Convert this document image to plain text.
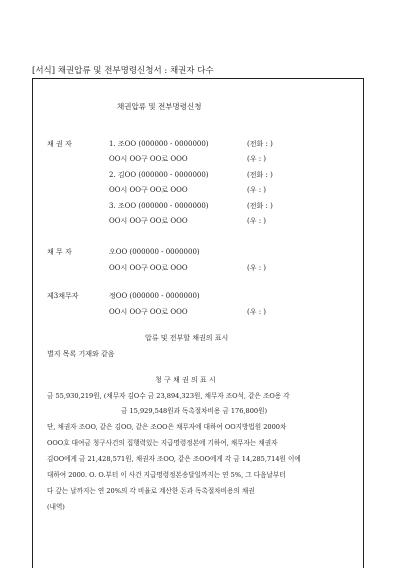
[서식] 채권압류 및 전부명령신청서 : 채권자 다수
채권압류 및 전부명령신청
채 권 자	1. 조OO (000000 - 0000000)	(전화 : )
OO시 OO구 OO로 OOO	(우 : )
2. 김OO (000000 - 0000000)	(전화 : )
OO시 OO구 OO로 OOO	(우 : )
3. 조OO (000000 - 0000000)	(전화 : )
OO시 OO구 OO로 OOO	(우 : )
채 무 자	오OO (000000 - 0000000)
OO시 OO구 OO로 OOO	(우 : )
제3채무자	정OO (000000 - 0000000)
OO시 OO구 OO로 OOO	(우 : )
압류 및 전부할 채권의 표시
별지 목록 기재와 같음
청 구 채 권 의 표 시
금 55,930,219원, (채무자 김O수 금 23,894,323원, 채무자 조O석, 같은 조O용 각
금 15,929,548원과 독촉절차비용 금 176,800원)
단, 채권자 조OO, 같은 김OO, 같은 조OO은 채무자에 대하여 OO지방법원 2000차
OOO호 대여금 청구사건의 집행력있는 지급명령정본에 기하여, 채무자는 채권자
김OO에게 금 21,428,571원, 채권자 조OO, 같은 조OO에게 각 금 14,285,714원 이에
대하여 2000. O. O.부터 이 사건 지급명령정본송달일까지는 연 5%, 그 다음날부터
다 갚는 날까지는 연 20%의 각 비율로 계산한 돈과 독촉절차비용의 채권
(내역)
